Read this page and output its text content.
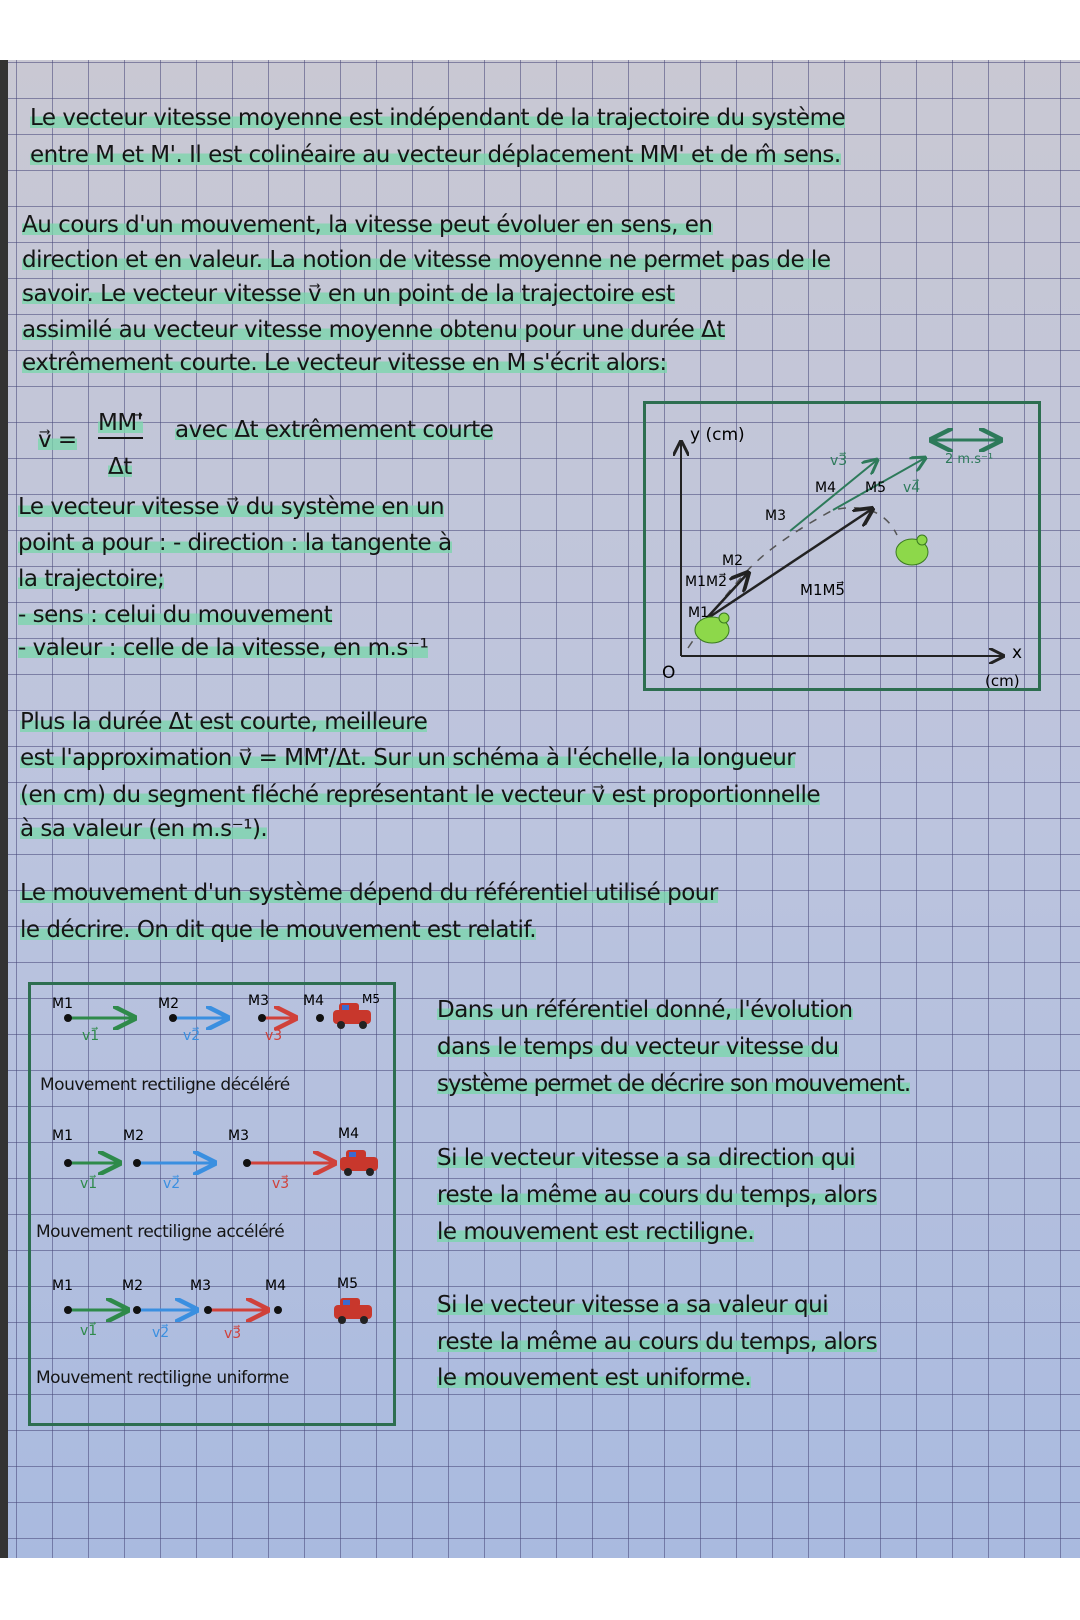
Le vecteur vitesse moyenne est indépendant de la trajectoire du système
entre M et M'. Il est colinéaire au vecteur déplacement MM' et de m̂ sens.
Au cours d'un mouvement, la vitesse peut évoluer en sens, en
direction et en valeur. La notion de vitesse moyenne ne permet pas de le
savoir. Le vecteur vitesse v⃗ en un point de la trajectoire est
assimilé au vecteur vitesse moyenne obtenu pour une durée Δt
extrêmement courte. Le vecteur vitesse en M s'écrit alors:
v⃗ =
MM'⃗
Δt
avec Δt extrêmement courte
Le vecteur vitesse v⃗ du système en un
point a pour : - direction : la tangente à
la trajectoire;
- sens : celui du mouvement
- valeur : celle de la vitesse, en m.s⁻¹
y (cm)
O
x
(cm)
M1
M2
M3
M4 M5
M1M2⃗	M1M5⃗
v3⃗
v4⃗
2 m.s⁻¹
Plus la durée Δt est courte, meilleure
est l'approximation v⃗ = MM'⃗/Δt. Sur un schéma à l'échelle, la longueur
(en cm) du segment fléché représentant le vecteur v⃗ est proportionnelle
à sa valeur (en m.s⁻¹).
Le mouvement d'un système dépend du référentiel utilisé pour
le décrire. On dit que le mouvement est relatif.
M1	M2	M3 M4	M5
v1⃗	v2⃗	v3⃗
M1	M2	M3	M4
v1⃗	v2⃗	v3⃗
M1	M2	M3	M4	M5
v1⃗	v2⃗	v3⃗
Mouvement rectiligne décéléré
Mouvement rectiligne accéléré
Mouvement rectiligne uniforme
Dans un référentiel donné, l'évolution
dans le temps du vecteur vitesse du
système permet de décrire son mouvement.
Si le vecteur vitesse a sa direction qui
reste la même au cours du temps, alors
le mouvement est rectiligne.
Si le vecteur vitesse a sa valeur qui
reste la même au cours du temps, alors
le mouvement est uniforme.
